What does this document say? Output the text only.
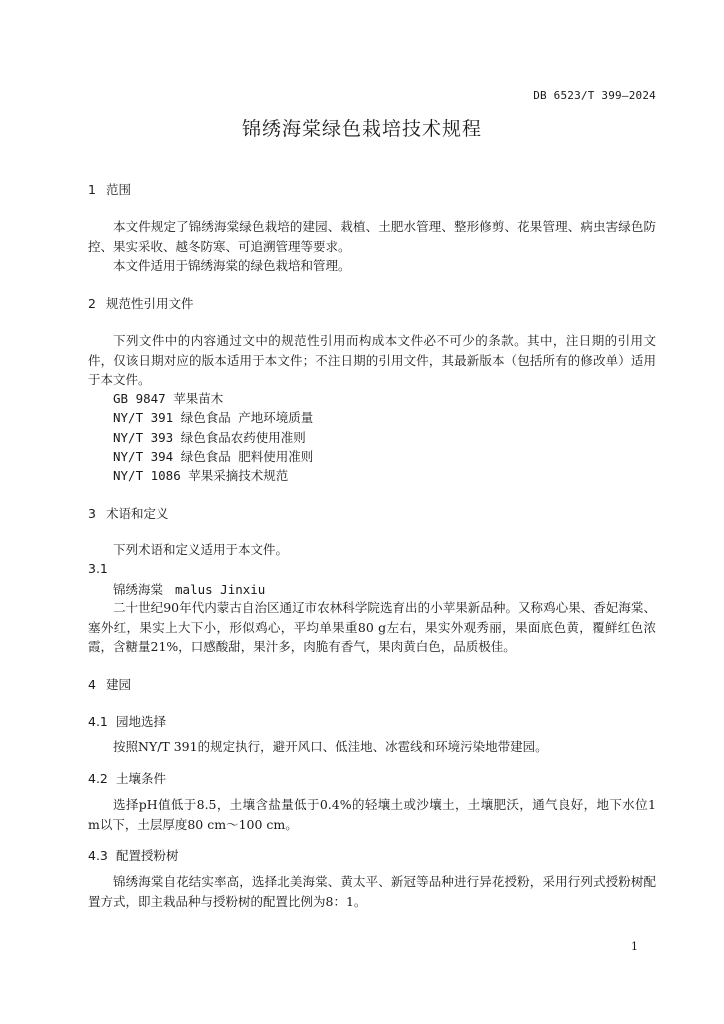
DB 6523/T 399—2024
锦绣海棠绿色栽培技术规程
1 范围

本文件规定了锦绣海棠绿色栽培的建园、栽植、土肥水管理、整形修剪、花果管理、病虫害绿色防控、果实采收、越冬防寒、可追溯管理等要求。

本文件适用于锦绣海棠的绿色栽培和管理。

2 规范性引用文件

下列文件中的内容通过文中的规范性引用而构成本文件必不可少的条款。其中，注日期的引用文件，仅该日期对应的版本适用于本文件；不注日期的引用文件，其最新版本（包括所有的修改单）适用于本文件。

GB 9847 苹果苗木
NY/T 391 绿色食品 产地环境质量
NY/T 393 绿色食品农药使用准则
NY/T 394 绿色食品 肥料使用准则
NY/T 1086 苹果采摘技术规范
3 术语和定义

下列术语和定义适用于本文件。

3.1
锦绣海棠 malus Jinxiu

二十世纪90年代内蒙古自治区通辽市农林科学院选育出的小苹果新品种。又称鸡心果、香妃海棠、塞外红，果实上大下小，形似鸡心，平均单果重80 g左右，果实外观秀丽，果面底色黄，覆鲜红色浓霞，含糖量21%，口感酸甜，果汁多，肉脆有香气，果肉黄白色，品质极佳。

4 建园
4.1 园地选择

按照NY/T 391的规定执行，避开风口、低洼地、冰雹线和环境污染地带建园。

4.2 土壤条件

选择pH值低于8.5，土壤含盐量低于0.4%的轻壤土或沙壤土，土壤肥沃，通气良好，地下水位1 m以下，土层厚度80 cm～100 cm。

4.3 配置授粉树

锦绣海棠自花结实率高，选择北美海棠、黄太平、新冠等品种进行异花授粉，采用行列式授粉树配置方式，即主栽品种与授粉树的配置比例为8：1。

1
